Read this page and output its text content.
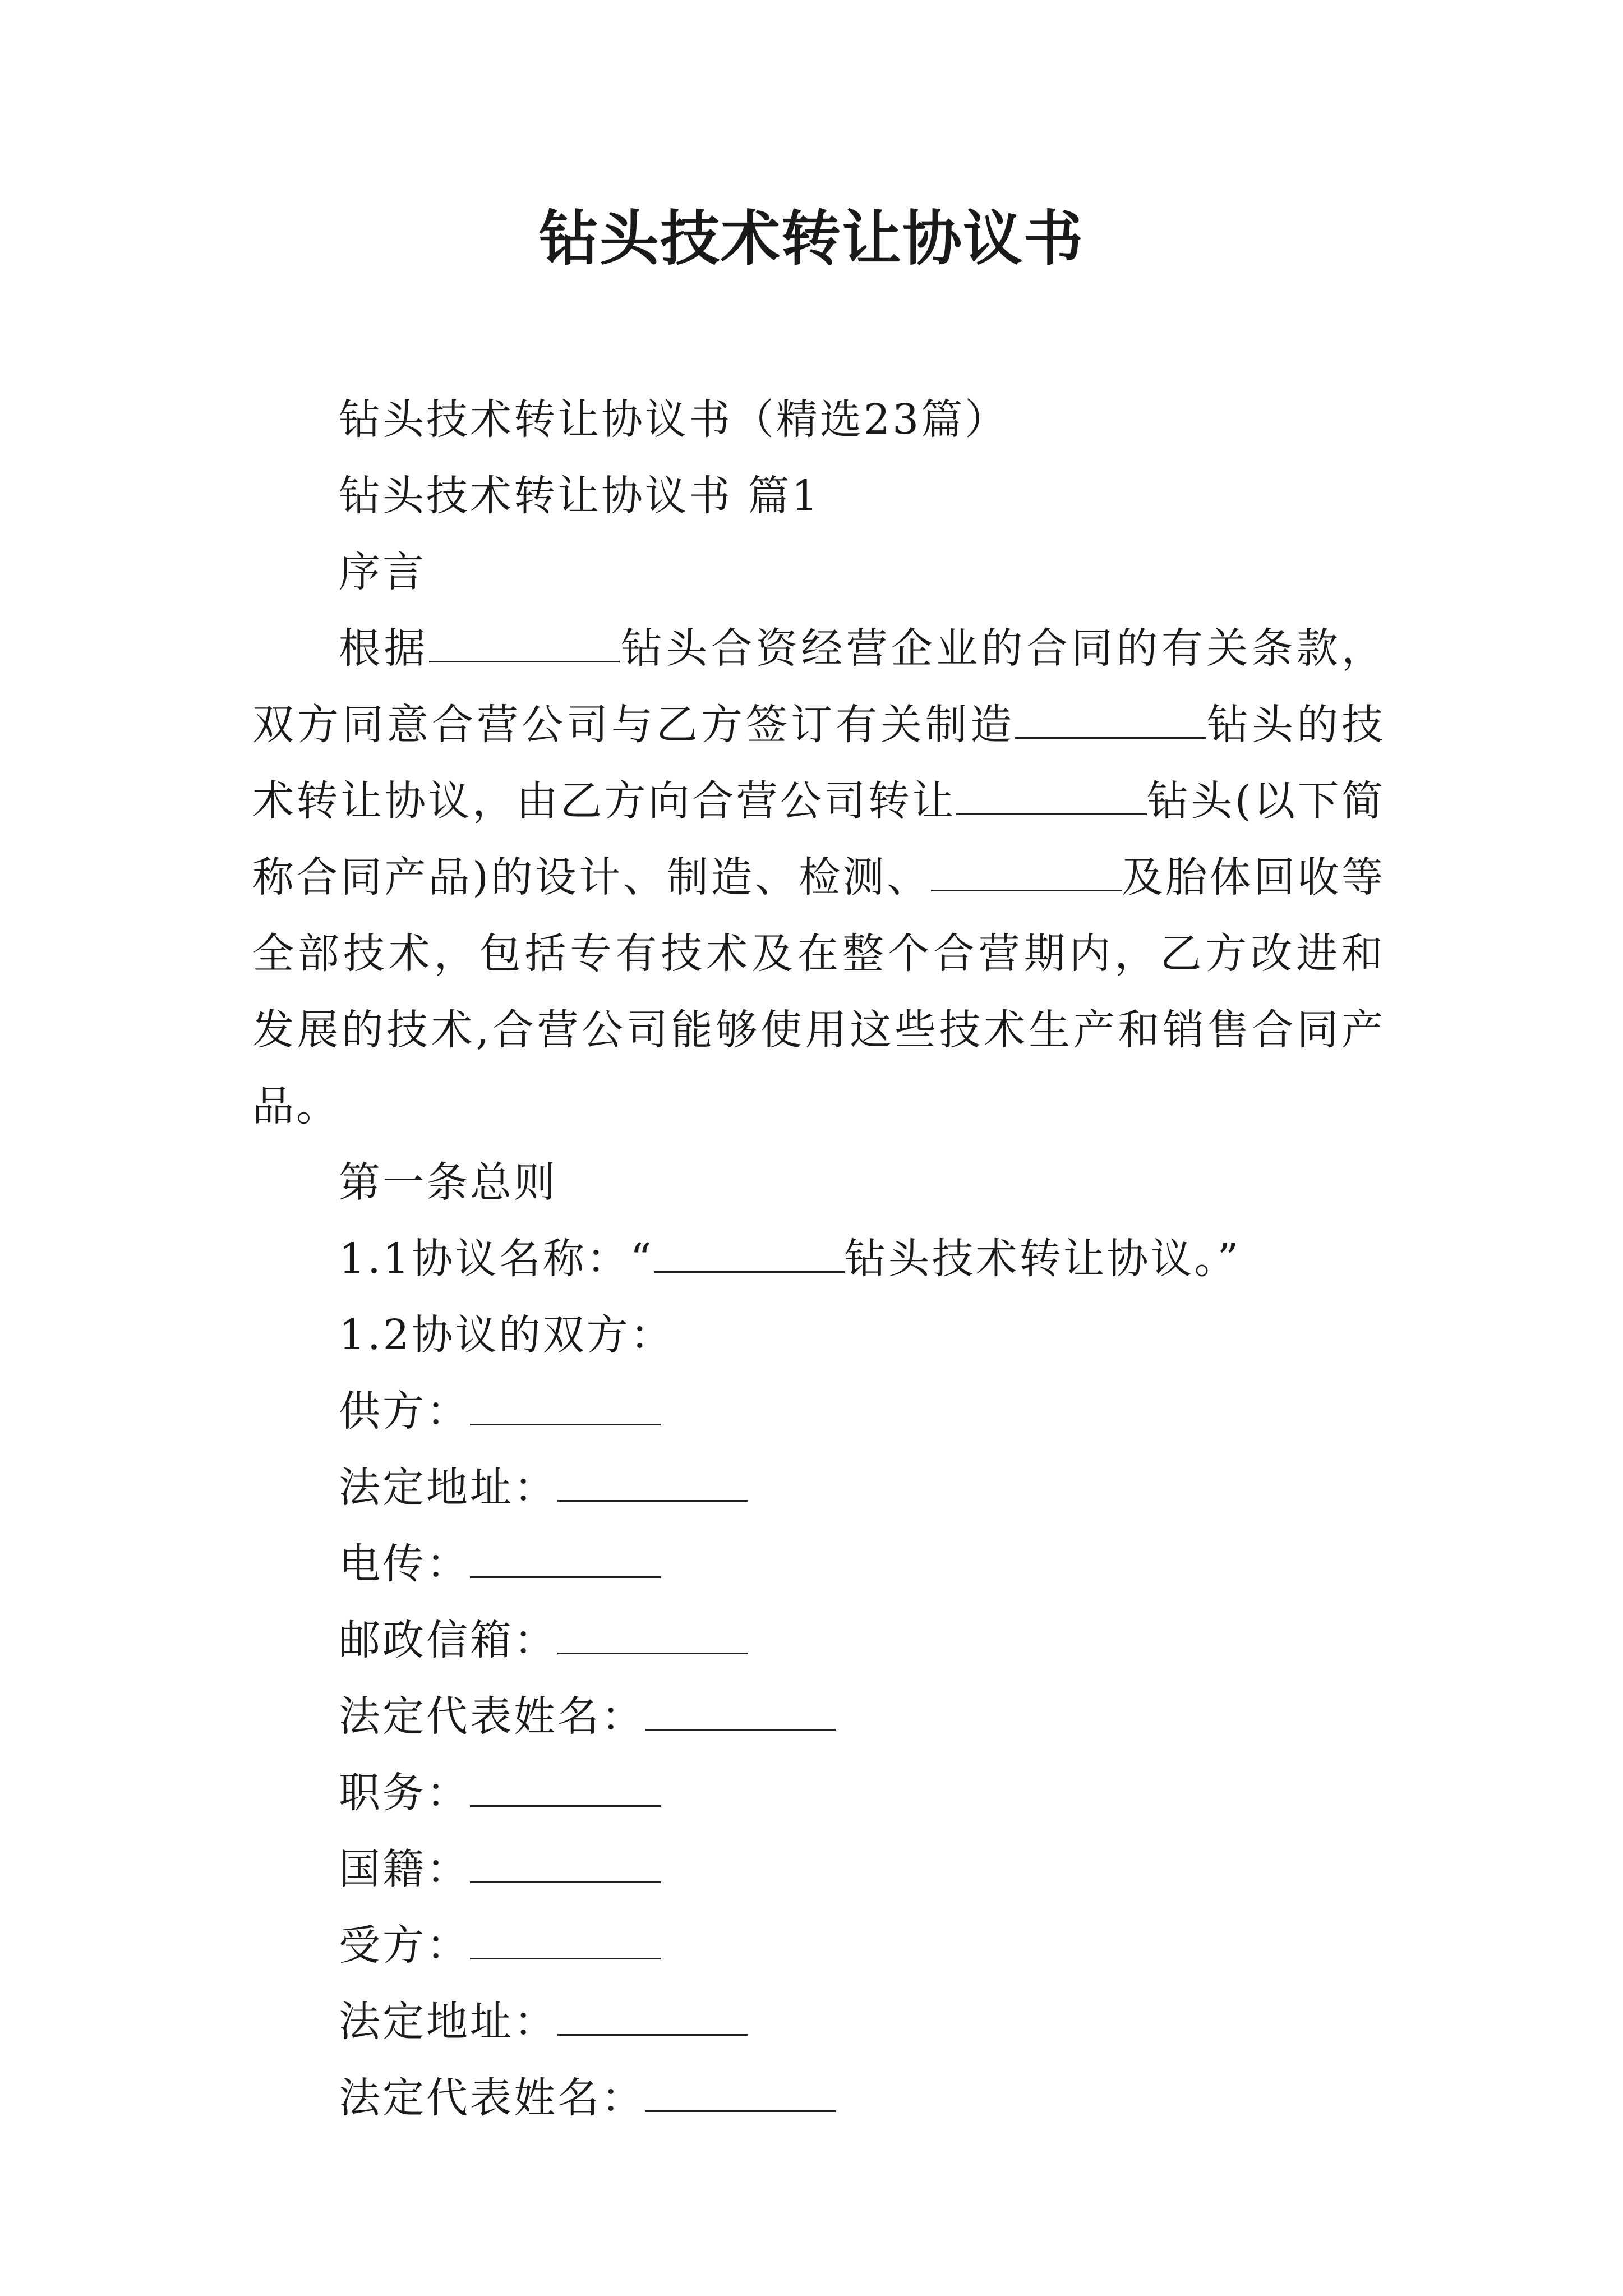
钻头技术转让协议书
钻头技术转让协议书（精选23篇）
钻头技术转让协议书 篇1
序言

根据	钻头合资经营企业的合同的有关条款，双方同意合营公司与乙方签订有关制造	钻头的技术转让协议，由乙方向合营公司转让	钻头(以下简称合同产品)的设计、制造、检测、	及胎体回收等全部技术，包括专有技术及在整个合营期内，乙方改进和发展的技术,合营公司能够使用这些技术生产和销售合同产品。

第一条总则
1.1协议名称：“	钻头技术转让协议。”
1.2协议的双方：
供方：
法定地址：
电传：
邮政信箱：
法定代表姓名：
职务：
国籍：
受方：
法定地址：
法定代表姓名：
